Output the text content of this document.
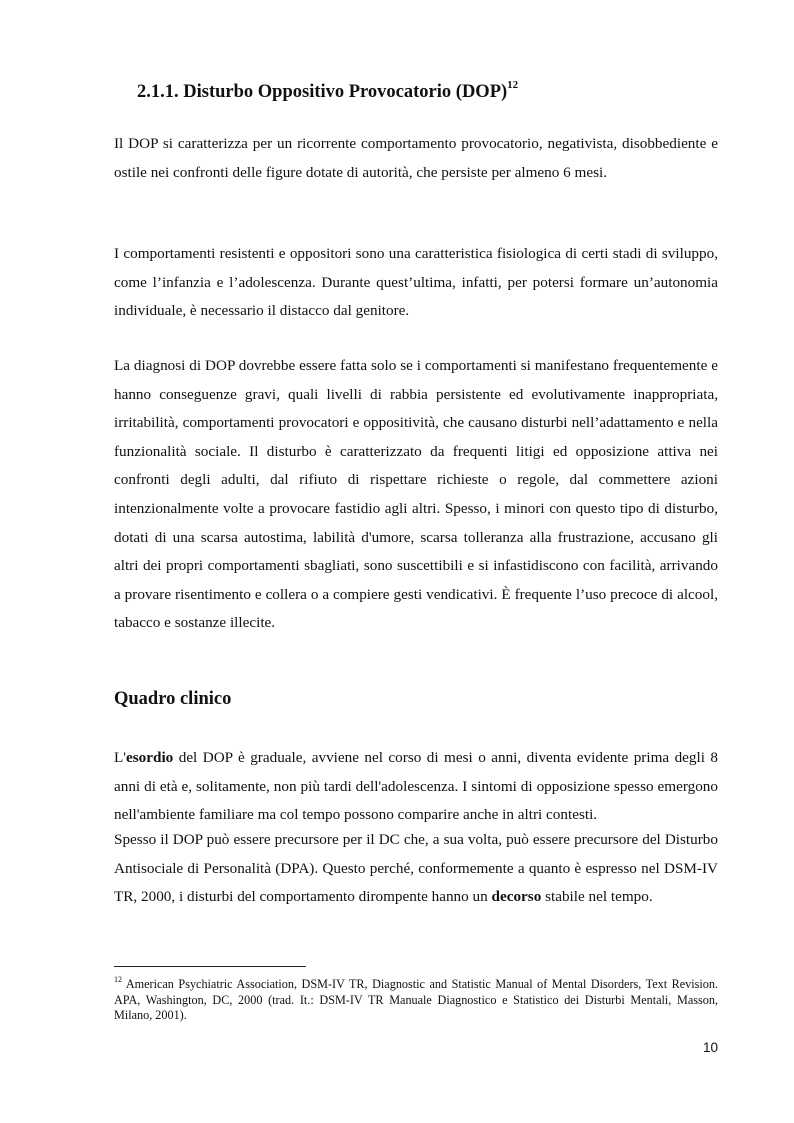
2.1.1. Disturbo Oppositivo Provocatorio (DOP)$^{12}$

Il DOP si caratterizza per un ricorrente comportamento provocatorio, negativista, disobbediente e ostile nei confronti delle figure dotate di autorità, che persiste per almeno 6 mesi.

I comportamenti resistenti e oppositori sono una caratteristica fisiologica di certi stadi di sviluppo, come l’infanzia e l’adolescenza. Durante quest’ultima, infatti, per potersi formare un’autonomia individuale, è necessario il distacco dal genitore.

La diagnosi di DOP dovrebbe essere fatta solo se i comportamenti si manifestano frequentemente e hanno conseguenze gravi, quali livelli di rabbia persistente ed evolutivamente inappropriata, irritabilità, comportamenti provocatori e oppositività, che causano disturbi nell’adattamento e nella funzionalità sociale. Il disturbo è caratterizzato da frequenti litigi ed opposizione attiva nei confronti degli adulti, dal rifiuto di rispettare richieste o regole, dal commettere azioni intenzionalmente volte a provocare fastidio agli altri. Spesso, i minori con questo tipo di disturbo, dotati di una scarsa autostima, labilità d'umore, scarsa tolleranza alla frustrazione, accusano gli altri dei propri comportamenti sbagliati, sono suscettibili e si infastidiscono con facilità, arrivando a provare risentimento e collera o a compiere gesti vendicativi. È frequente l’uso precoce di alcool, tabacco e sostanze illecite.

Quadro clinico

L'esordio del DOP è graduale, avviene nel corso di mesi o anni, diventa evidente prima degli 8 anni di età e, solitamente, non più tardi dell'adolescenza. I sintomi di opposizione spesso emergono nell'ambiente familiare ma col tempo possono comparire anche in altri contesti.

Spesso il DOP può essere precursore per il DC che, a sua volta, può essere precursore del Disturbo Antisociale di Personalità (DPA). Questo perché, conformemente a quanto è espresso nel DSM-IV TR, 2000, i disturbi del comportamento dirompente hanno un decorso stabile nel tempo.

$^{12}$ American Psychiatric Association, DSM-IV TR, Diagnostic and Statistic Manual of Mental Disorders, Text Revision. APA, Washington, DC, 2000 (trad. It.: DSM-IV TR Manuale Diagnostico e Statistico dei Disturbi Mentali, Masson, Milano, 2001).

10
